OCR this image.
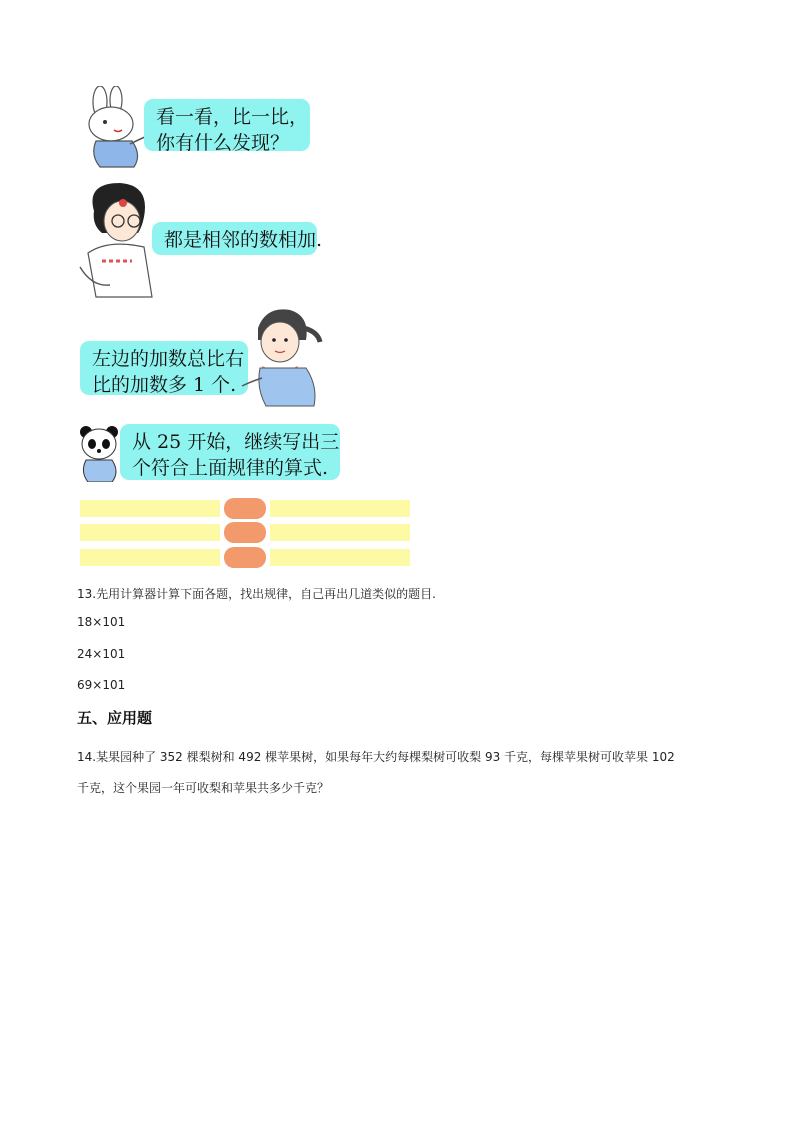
看一看，比一比，
你有什么发现？
都是相邻的数相加.
左边的加数总比右
比的加数多 1 个.
从 25 开始，继续写出三
个符合上面规律的算式.
13.先用计算器计算下面各题，找出规律，自己再出几道类似的题目.
18×101
24×101
69×101
五、应用题
14.某果园种了 352 棵梨树和 492 棵苹果树，如果每年大约每棵梨树可收梨 93 千克，每棵苹果树可收苹果 102
千克，这个果园一年可收梨和苹果共多少千克？
